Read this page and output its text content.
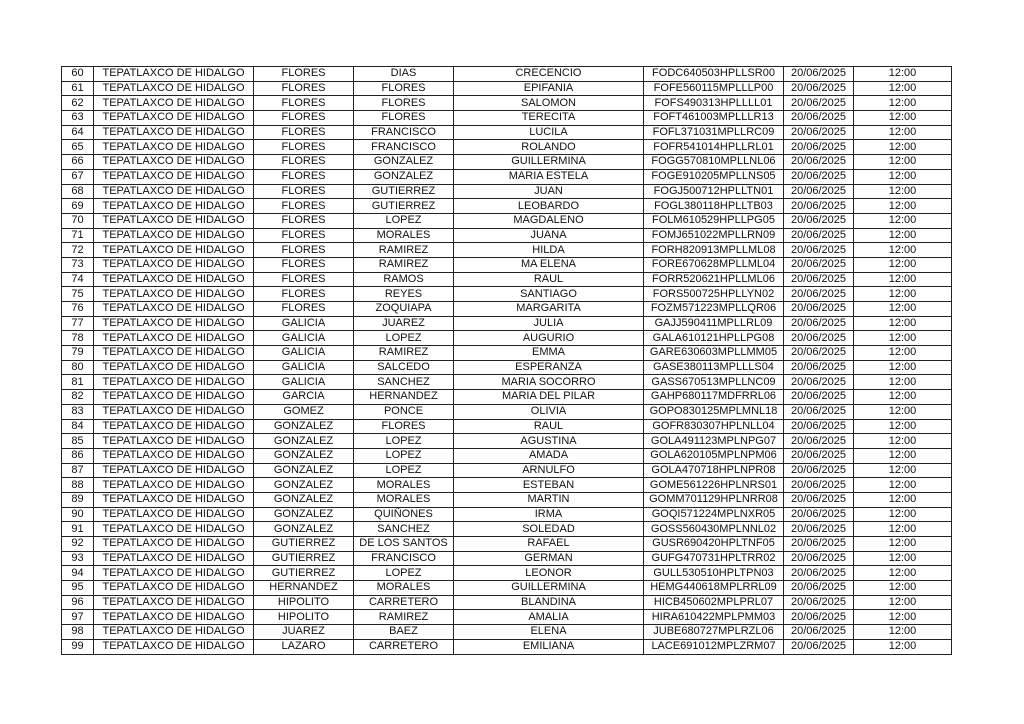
60	TEPATLAXCO DE HIDALGO	FLORES	DIAS	CRECENCIO	FODC640503HPLLSR00	20/06/2025	12:00
61	TEPATLAXCO DE HIDALGO	FLORES	FLORES	EPIFANIA	FOFE560115MPLLLP00	20/06/2025	12:00
62	TEPATLAXCO DE HIDALGO	FLORES	FLORES	SALOMON	FOFS490313HPLLLL01	20/06/2025	12:00
63	TEPATLAXCO DE HIDALGO	FLORES	FLORES	TERECITA	FOFT461003MPLLLR13	20/06/2025	12:00
64	TEPATLAXCO DE HIDALGO	FLORES	FRANCISCO	LUCILA	FOFL371031MPLLRC09	20/06/2025	12:00
65	TEPATLAXCO DE HIDALGO	FLORES	FRANCISCO	ROLANDO	FOFR541014HPLLRL01	20/06/2025	12:00
66	TEPATLAXCO DE HIDALGO	FLORES	GONZALEZ	GUILLERMINA	FOGG570810MPLLNL06	20/06/2025	12:00
67	TEPATLAXCO DE HIDALGO	FLORES	GONZALEZ	MARIA ESTELA	FOGE910205MPLLNS05	20/06/2025	12:00
68	TEPATLAXCO DE HIDALGO	FLORES	GUTIERREZ	JUAN	FOGJ500712HPLLTN01	20/06/2025	12:00
69	TEPATLAXCO DE HIDALGO	FLORES	GUTIERREZ	LEOBARDO	FOGL380118HPLLTB03	20/06/2025	12:00
70	TEPATLAXCO DE HIDALGO	FLORES	LOPEZ	MAGDALENO	FOLM610529HPLLPG05	20/06/2025	12:00
71	TEPATLAXCO DE HIDALGO	FLORES	MORALES	JUANA	FOMJ651022MPLLRN09	20/06/2025	12:00
72	TEPATLAXCO DE HIDALGO	FLORES	RAMIREZ	HILDA	FORH820913MPLLML08	20/06/2025	12:00
73	TEPATLAXCO DE HIDALGO	FLORES	RAMIREZ	MA ELENA	FORE670628MPLLML04	20/06/2025	12:00
74	TEPATLAXCO DE HIDALGO	FLORES	RAMOS	RAUL	FORR520621HPLLML06	20/06/2025	12:00
75	TEPATLAXCO DE HIDALGO	FLORES	REYES	SANTIAGO	FORS500725HPLLYN02	20/06/2025	12:00
76	TEPATLAXCO DE HIDALGO	FLORES	ZOQUIAPA	MARGARITA	FOZM571223MPLLQR06	20/06/2025	12:00
77	TEPATLAXCO DE HIDALGO	GALICIA	JUAREZ	JULIA	GAJJ590411MPLLRL09	20/06/2025	12:00
78	TEPATLAXCO DE HIDALGO	GALICIA	LOPEZ	AUGURIO	GALA610121HPLLPG08	20/06/2025	12:00
79	TEPATLAXCO DE HIDALGO	GALICIA	RAMIREZ	EMMA	GARE630603MPLLMM05	20/06/2025	12:00
80	TEPATLAXCO DE HIDALGO	GALICIA	SALCEDO	ESPERANZA	GASE380113MPLLLS04	20/06/2025	12:00
81	TEPATLAXCO DE HIDALGO	GALICIA	SANCHEZ	MARIA SOCORRO	GASS670513MPLLNC09	20/06/2025	12:00
82	TEPATLAXCO DE HIDALGO	GARCIA	HERNANDEZ	MARIA DEL PILAR	GAHP680117MDFRRL06	20/06/2025	12:00
83	TEPATLAXCO DE HIDALGO	GOMEZ	PONCE	OLIVIA	GOPO830125MPLMNL18	20/06/2025	12:00
84	TEPATLAXCO DE HIDALGO	GONZALEZ	FLORES	RAUL	GOFR830307HPLNLL04	20/06/2025	12:00
85	TEPATLAXCO DE HIDALGO	GONZALEZ	LOPEZ	AGUSTINA	GOLA491123MPLNPG07	20/06/2025	12:00
86	TEPATLAXCO DE HIDALGO	GONZALEZ	LOPEZ	AMADA	GOLA620105MPLNPM06	20/06/2025	12:00
87	TEPATLAXCO DE HIDALGO	GONZALEZ	LOPEZ	ARNULFO	GOLA470718HPLNPR08	20/06/2025	12:00
88	TEPATLAXCO DE HIDALGO	GONZALEZ	MORALES	ESTEBAN	GOME561226HPLNRS01	20/06/2025	12:00
89	TEPATLAXCO DE HIDALGO	GONZALEZ	MORALES	MARTIN	GOMM701129HPLNRR08	20/06/2025	12:00
90	TEPATLAXCO DE HIDALGO	GONZALEZ	QUIÑONES	IRMA	GOQI571224MPLNXR05	20/06/2025	12:00
91	TEPATLAXCO DE HIDALGO	GONZALEZ	SANCHEZ	SOLEDAD	GOSS560430MPLNNL02	20/06/2025	12:00
92	TEPATLAXCO DE HIDALGO	GUTIERREZ	DE LOS SANTOS	RAFAEL	GUSR690420HPLTNF05	20/06/2025	12:00
93	TEPATLAXCO DE HIDALGO	GUTIERREZ	FRANCISCO	GERMAN	GUFG470731HPLTRR02	20/06/2025	12:00
94	TEPATLAXCO DE HIDALGO	GUTIERREZ	LOPEZ	LEONOR	GULL530510HPLTPN03	20/06/2025	12:00
95	TEPATLAXCO DE HIDALGO	HERNANDEZ	MORALES	GUILLERMINA	HEMG440618MPLRRL09	20/06/2025	12:00
96	TEPATLAXCO DE HIDALGO	HIPOLITO	CARRETERO	BLANDINA	HICB450602MPLPRL07	20/06/2025	12:00
97	TEPATLAXCO DE HIDALGO	HIPOLITO	RAMIREZ	AMALIA	HIRA610422MPLPMM03	20/06/2025	12:00
98	TEPATLAXCO DE HIDALGO	JUAREZ	BAEZ	ELENA	JUBE680727MPLRZL06	20/06/2025	12:00
99	TEPATLAXCO DE HIDALGO	LAZARO	CARRETERO	EMILIANA	LACE691012MPLZRM07	20/06/2025	12:00
